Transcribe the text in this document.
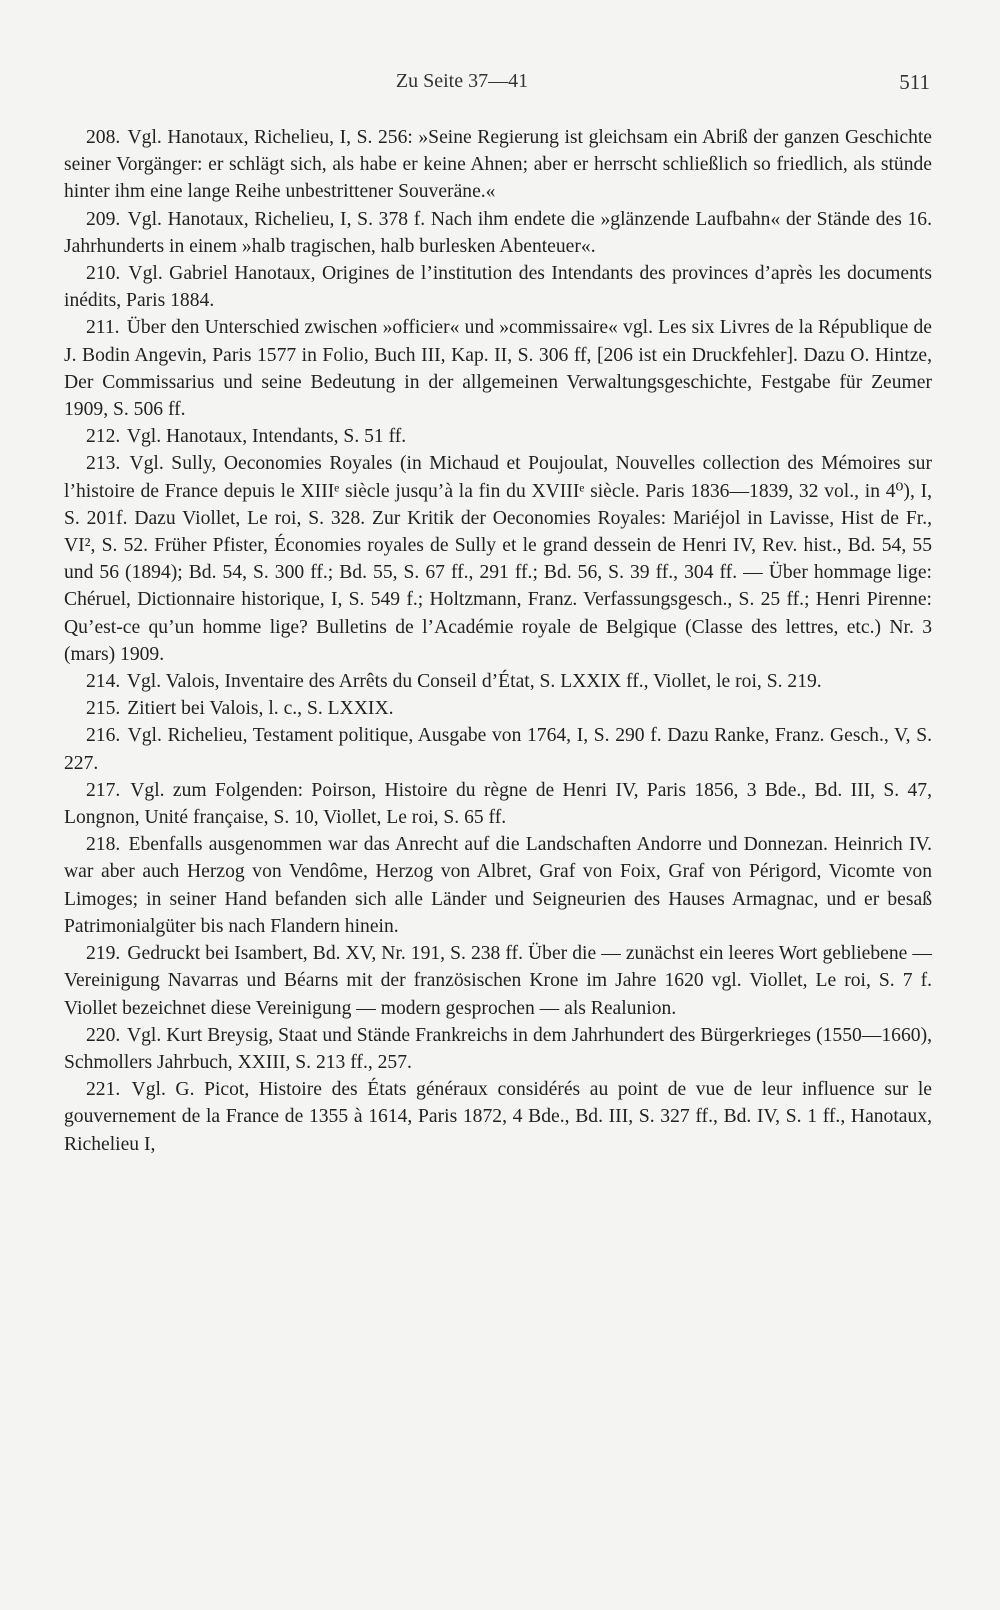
Zu Seite 37—41	511

208. Vgl. Hanotaux, Richelieu, I, S. 256: »Seine Regierung ist gleichsam ein Abriß der ganzen Geschichte seiner Vorgänger: er schlägt sich, als habe er keine Ahnen; aber er herrscht schließlich so friedlich, als stünde hinter ihm eine lange Reihe unbestrittener Souveräne.«

209. Vgl. Hanotaux, Richelieu, I, S. 378 f. Nach ihm endete die »glänzende Laufbahn« der Stände des 16. Jahrhunderts in einem »halb tragischen, halb burlesken Abenteuer«.

210. Vgl. Gabriel Hanotaux, Origines de l’institution des Intendants des provinces d’après les documents inédits, Paris 1884.

211. Über den Unterschied zwischen »officier« und »commissaire« vgl. Les six Livres de la République de J. Bodin Angevin, Paris 1577 in Folio, Buch III, Kap. II, S. 306 ff, [206 ist ein Druckfehler]. Dazu O. Hintze, Der Commissarius und seine Bedeutung in der allgemeinen Verwaltungsgeschichte, Festgabe für Zeumer 1909, S. 506 ff.

212. Vgl. Hanotaux, Intendants, S. 51 ff.

213. Vgl. Sully, Oeconomies Royales (in Michaud et Poujoulat, Nouvelles collection des Mémoires sur l’histoire de France depuis le XIIIᵉ siècle jusqu’à la fin du XVIIIᵉ siècle. Paris 1836—1839, 32 vol., in 4⁰), I, S. 201f. Dazu Viollet, Le roi, S. 328. Zur Kritik der Oeconomies Royales: Mariéjol in Lavisse, Hist de Fr., VI², S. 52. Früher Pfister, Économies royales de Sully et le grand dessein de Henri IV, Rev. hist., Bd. 54, 55 und 56 (1894); Bd. 54, S. 300 ff.; Bd. 55, S. 67 ff., 291 ff.; Bd. 56, S. 39 ff., 304 ff. — Über hommage lige: Chéruel, Dictionnaire historique, I, S. 549 f.; Holtzmann, Franz. Verfassungsgesch., S. 25 ff.; Henri Pirenne: Qu’est-ce qu’un homme lige? Bulletins de l’Académie royale de Belgique (Classe des lettres, etc.) Nr. 3 (mars) 1909.

214. Vgl. Valois, Inventaire des Arrêts du Conseil d’État, S. LXXIX ff., Viollet, le roi, S. 219.

215. Zitiert bei Valois, l. c., S. LXXIX.

216. Vgl. Richelieu, Testament politique, Ausgabe von 1764, I, S. 290 f. Dazu Ranke, Franz. Gesch., V, S. 227.

217. Vgl. zum Folgenden: Poirson, Histoire du règne de Henri IV, Paris 1856, 3 Bde., Bd. III, S. 47, Longnon, Unité française, S. 10, Viollet, Le roi, S. 65 ff.

218. Ebenfalls ausgenommen war das Anrecht auf die Landschaften Andorre und Donnezan. Heinrich IV. war aber auch Herzog von Vendôme, Herzog von Albret, Graf von Foix, Graf von Périgord, Vicomte von Limoges; in seiner Hand befanden sich alle Länder und Seigneurien des Hauses Armagnac, und er besaß Patrimonialgüter bis nach Flandern hinein.

219. Gedruckt bei Isambert, Bd. XV, Nr. 191, S. 238 ff. Über die — zunächst ein leeres Wort gebliebene — Vereinigung Navarras und Béarns mit der französischen Krone im Jahre 1620 vgl. Viollet, Le roi, S. 7 f. Viollet bezeichnet diese Vereinigung — modern gesprochen — als Realunion.

220. Vgl. Kurt Breysig, Staat und Stände Frankreichs in dem Jahrhundert des Bürgerkrieges (1550—1660), Schmollers Jahrbuch, XXIII, S. 213 ff., 257.

221. Vgl. G. Picot, Histoire des États généraux considérés au point de vue de leur influence sur le gouvernement de la France de 1355 à 1614, Paris 1872, 4 Bde., Bd. III, S. 327 ff., Bd. IV, S. 1 ff., Hanotaux, Richelieu I,
